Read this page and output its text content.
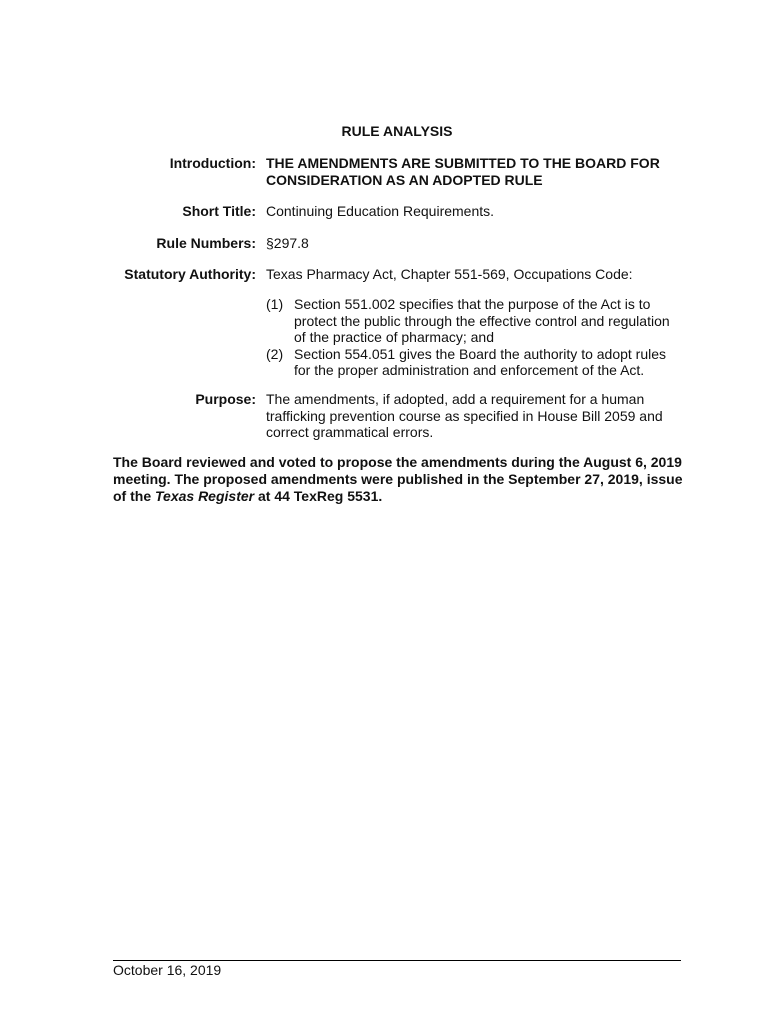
RULE ANALYSIS
Introduction: THE AMENDMENTS ARE SUBMITTED TO THE BOARD FOR CONSIDERATION AS AN ADOPTED RULE
Short Title: Continuing Education Requirements.
Rule Numbers: §297.8
Statutory Authority: Texas Pharmacy Act, Chapter 551-569, Occupations Code:
(1) Section 551.002 specifies that the purpose of the Act is to protect the public through the effective control and regulation of the practice of pharmacy; and
(2) Section 554.051 gives the Board the authority to adopt rules for the proper administration and enforcement of the Act.
Purpose: The amendments, if adopted, add a requirement for a human trafficking prevention course as specified in House Bill 2059 and correct grammatical errors.

The Board reviewed and voted to propose the amendments during the August 6, 2019 meeting. The proposed amendments were published in the September 27, 2019, issue of the Texas Register at 44 TexReg 5531.

October 16, 2019
